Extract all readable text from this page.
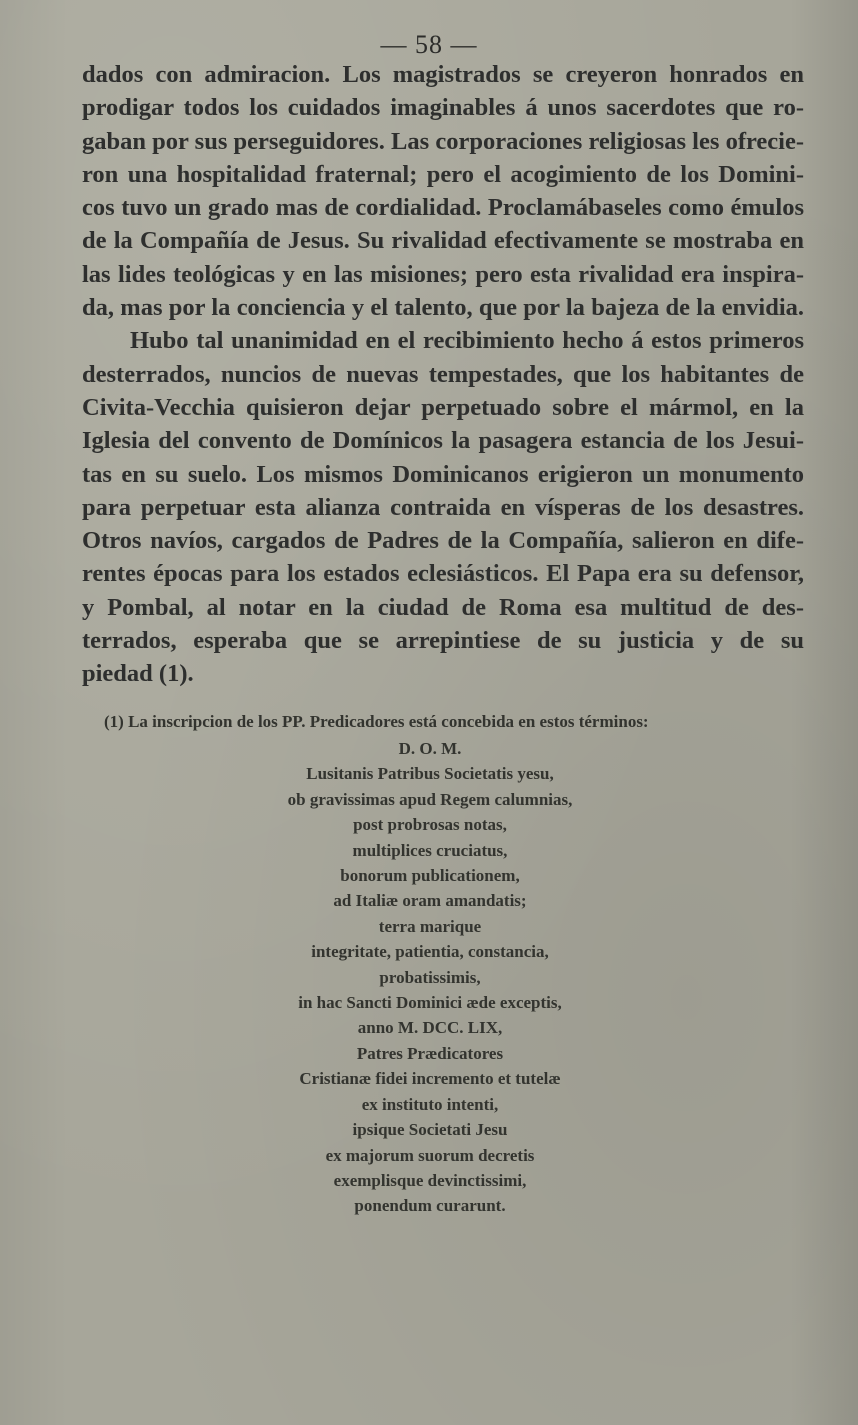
— 58 —
dados con admiracion. Los magistrados se creyeron honrados en
prodigar todos los cuidados imaginables á unos sacerdotes que ro-
gaban por sus perseguidores. Las corporaciones religiosas les ofrecie-
ron una hospitalidad fraternal; pero el acogimiento de los Domini-
cos tuvo un grado mas de cordialidad. Proclamábaseles como émulos
de la Compañía de Jesus. Su rivalidad efectivamente se mostraba en
las lides teológicas y en las misiones; pero esta rivalidad era inspira-
da, mas por la conciencia y el talento, que por la bajeza de la envidia.
Hubo tal unanimidad en el recibimiento hecho á estos primeros
desterrados, nuncios de nuevas tempestades, que los habitantes de
Civita-Vecchia quisieron dejar perpetuado sobre el mármol, en la
Iglesia del convento de Domínicos la pasagera estancia de los Jesui-
tas en su suelo. Los mismos Dominicanos erigieron un monumento
para perpetuar esta alianza contraida en vísperas de los desastres.
Otros navíos, cargados de Padres de la Compañía, salieron en dife-
rentes épocas para los estados eclesiásticos. El Papa era su defensor,
y Pombal, al notar en la ciudad de Roma esa multitud de des-
terrados, esperaba que se arrepintiese de su justicia y de su
piedad (1).
(1) La inscripcion de los PP. Predicadores está concebida en estos términos:
D. O. M.
Lusitanis Patribus Societatis yesu,
ob gravissimas apud Regem calumnias,
post probrosas notas,
multiplices cruciatus,
bonorum publicationem,
ad Italiæ oram amandatis;
terra marique
integritate, patientia, constancia,
probatissimis,
in hac Sancti Dominici æde exceptis,
anno M. DCC. LIX,
Patres Prædicatores
Cristianæ fidei incremento et tutelæ
ex instituto intenti,
ipsique Societati Jesu
ex majorum suorum decretis
exemplisque devinctissimi,
ponendum curarunt.
